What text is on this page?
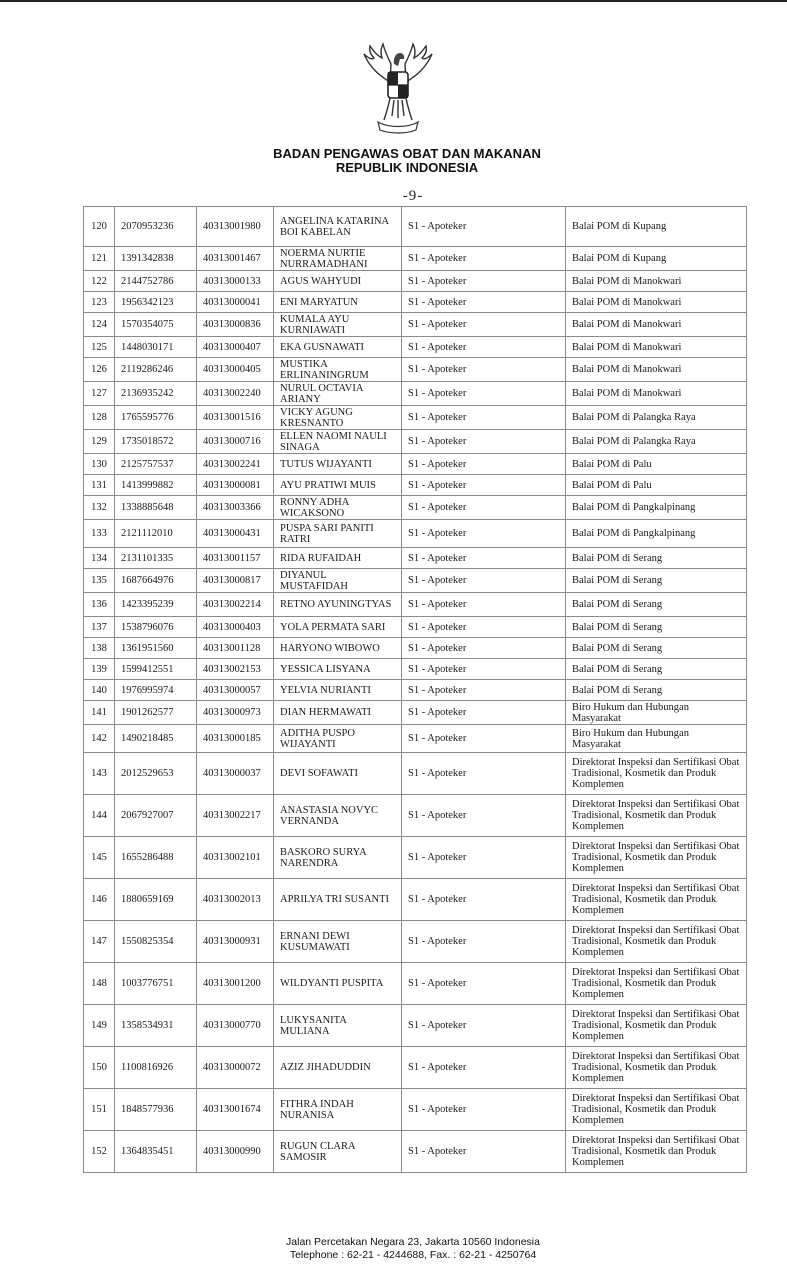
BADAN PENGAWAS OBAT DAN MAKANAN
REPUBLIK INDONESIA
-9-
120	2070953236	40313001980	ANGELINA KATARINA BOI KABELAN	S1 - Apoteker	Balai POM di Kupang
121	1391342838	40313001467	NOERMA NURTIE NURRAMADHANI	S1 - Apoteker	Balai POM di Kupang
122	2144752786	40313000133	AGUS WAHYUDI	S1 - Apoteker	Balai POM di Manokwari
123	1956342123	40313000041	ENI MARYATUN	S1 - Apoteker	Balai POM di Manokwari
124	1570354075	40313000836	KUMALA AYU KURNIAWATI	S1 - Apoteker	Balai POM di Manokwari
125	1448030171	40313000407	EKA GUSNAWATI	S1 - Apoteker	Balai POM di Manokwari
126	2119286246	40313000405	MUSTIKA ERLINANINGRUM	S1 - Apoteker	Balai POM di Manokwari
127	2136935242	40313002240	NURUL OCTAVIA ARIANY	S1 - Apoteker	Balai POM di Manokwari
128	1765595776	40313001516	VICKY AGUNG KRESNANTO	S1 - Apoteker	Balai POM di Palangka Raya
129	1735018572	40313000716	ELLEN NAOMI NAULI SINAGA	S1 - Apoteker	Balai POM di Palangka Raya
130	2125757537	40313002241	TUTUS WIJAYANTI	S1 - Apoteker	Balai POM di Palu
131	1413999882	40313000081	AYU PRATIWI MUIS	S1 - Apoteker	Balai POM di Palu
132	1338885648	40313003366	RONNY ADHA WICAKSONO	S1 - Apoteker	Balai POM di Pangkalpinang
133	2121112010	40313000431	PUSPA SARI PANITI RATRI	S1 - Apoteker	Balai POM di Pangkalpinang
134	2131101335	40313001157	RIDA RUFAIDAH	S1 - Apoteker	Balai POM di Serang
135	1687664976	40313000817	DIYANUL MUSTAFIDAH	S1 - Apoteker	Balai POM di Serang
136	1423395239	40313002214	RETNO AYUNINGTYAS	S1 - Apoteker	Balai POM di Serang
137	1538796076	40313000403	YOLA PERMATA SARI	S1 - Apoteker	Balai POM di Serang
138	1361951560	40313001128	HARYONO WIBOWO	S1 - Apoteker	Balai POM di Serang
139	1599412551	40313002153	YESSICA LISYANA	S1 - Apoteker	Balai POM di Serang
140	1976995974	40313000057	YELVIA NURIANTI	S1 - Apoteker	Balai POM di Serang
141	1901262577	40313000973	DIAN HERMAWATI	S1 - Apoteker	Biro Hukum dan Hubungan Masyarakat
142	1490218485	40313000185	ADITHA PUSPO WIJAYANTI	S1 - Apoteker	Biro Hukum dan Hubungan Masyarakat
143	2012529653	40313000037	DEVI SOFAWATI	S1 - Apoteker	Direktorat Inspeksi dan Sertifikasi Obat Tradisional, Kosmetik dan Produk Komplemen
144	2067927007	40313002217	ANASTASIA NOVYC VERNANDA	S1 - Apoteker	Direktorat Inspeksi dan Sertifikasi Obat Tradisional, Kosmetik dan Produk Komplemen
145	1655286488	40313002101	BASKORO SURYA NARENDRA	S1 - Apoteker	Direktorat Inspeksi dan Sertifikasi Obat Tradisional, Kosmetik dan Produk Komplemen
146	1880659169	40313002013	APRILYA TRI SUSANTI	S1 - Apoteker	Direktorat Inspeksi dan Sertifikasi Obat Tradisional, Kosmetik dan Produk Komplemen
147	1550825354	40313000931	ERNANI DEWI KUSUMAWATI	S1 - Apoteker	Direktorat Inspeksi dan Sertifikasi Obat Tradisional, Kosmetik dan Produk Komplemen
148	1003776751	40313001200	WILDYANTI PUSPITA	S1 - Apoteker	Direktorat Inspeksi dan Sertifikasi Obat Tradisional, Kosmetik dan Produk Komplemen
149	1358534931	40313000770	LUKYSANITA MULIANA	S1 - Apoteker	Direktorat Inspeksi dan Sertifikasi Obat Tradisional, Kosmetik dan Produk Komplemen
150	1100816926	40313000072	AZIZ JIHADUDDIN	S1 - Apoteker	Direktorat Inspeksi dan Sertifikasi Obat Tradisional, Kosmetik dan Produk Komplemen
151	1848577936	40313001674	FITHRA INDAH NURANISA	S1 - Apoteker	Direktorat Inspeksi dan Sertifikasi Obat Tradisional, Kosmetik dan Produk Komplemen
152	1364835451	40313000990	RUGUN CLARA SAMOSIR	S1 - Apoteker	Direktorat Inspeksi dan Sertifikasi Obat Tradisional, Kosmetik dan Produk Komplemen
Jalan Percetakan Negara 23, Jakarta 10560 Indonesia
Telephone : 62-21 - 4244688, Fax. : 62-21 - 4250764
